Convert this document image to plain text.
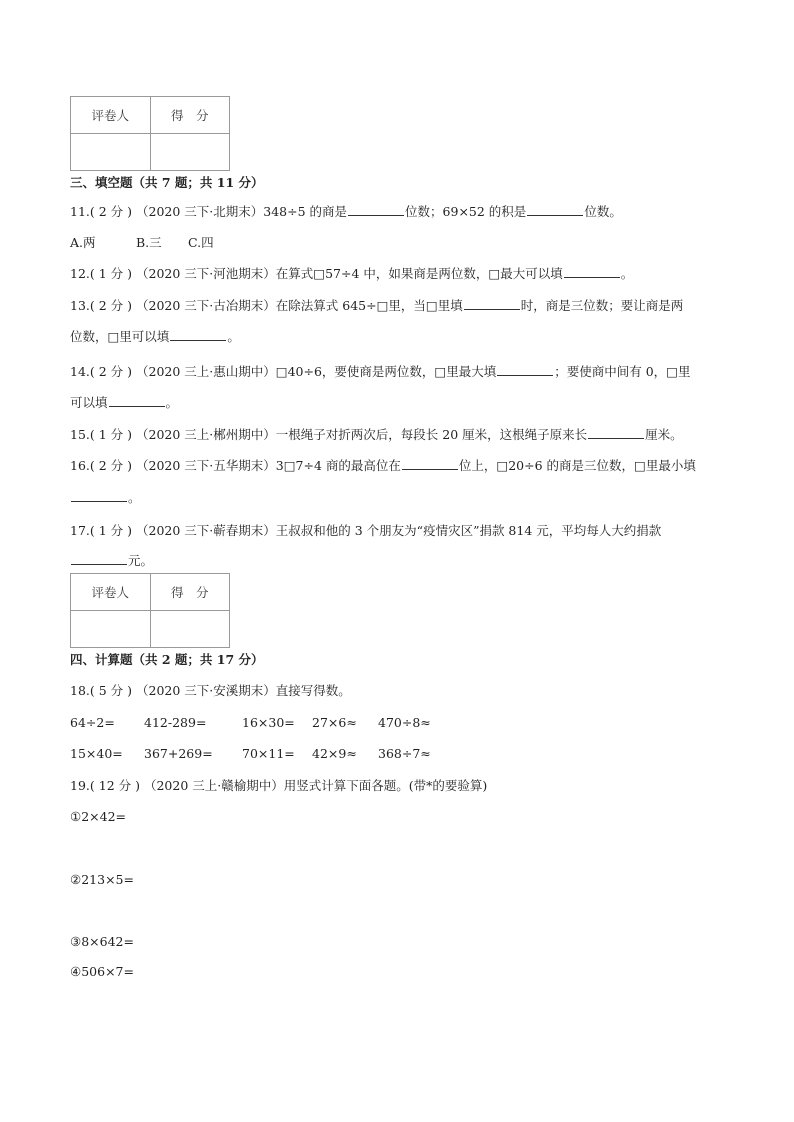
评卷人	得　分

三、填空题（共 7 题；共 11 分）
11.( 2 分 ) （2020 三下·北期末）348÷5 的商是	位数；69×52 的积是	位数。
A.两	B.三 C.四
12.( 1 分 ) （2020 三下·河池期末）在算式□57÷4 中，如果商是两位数，□最大可以填	。
13.( 2 分 ) （2020 三下·古冶期末）在除法算式 645÷□里，当□里填	时，商是三位数；要让商是两
位数，□里可以填	。
14.( 2 分 ) （2020 三上·惠山期中）□40÷6，要使商是两位数，□里最大填	；要使商中间有 0，□里
可以填	。
15.( 1 分 ) （2020 三上·郴州期中）一根绳子对折两次后，每段长 20 厘米，这根绳子原来长	厘米。
16.( 2 分 ) （2020 三下·五华期末）3□7÷4 商的最高位在	位上，□20÷6 的商是三位数，□里最小填
。
17.( 1 分 ) （2020 三下·蕲春期末）王叔叔和他的 3 个朋友为“疫情灾区”捐款 814 元，平均每人大约捐款
元。
评卷人	得　分

四、计算题（共 2 题；共 17 分）
18.( 5 分 ) （2020 三下·安溪期末）直接写得数。
64÷2= 412-289=	16×30= 27×6≈ 470÷8≈
15×40= 367+269= 70×11= 42×9≈ 368÷7≈
19.( 12 分 ) （2020 三上·赣榆期中）用竖式计算下面各题。(带*的要验算)
①2×42=
②213×5=
③8×642=
④506×7=
